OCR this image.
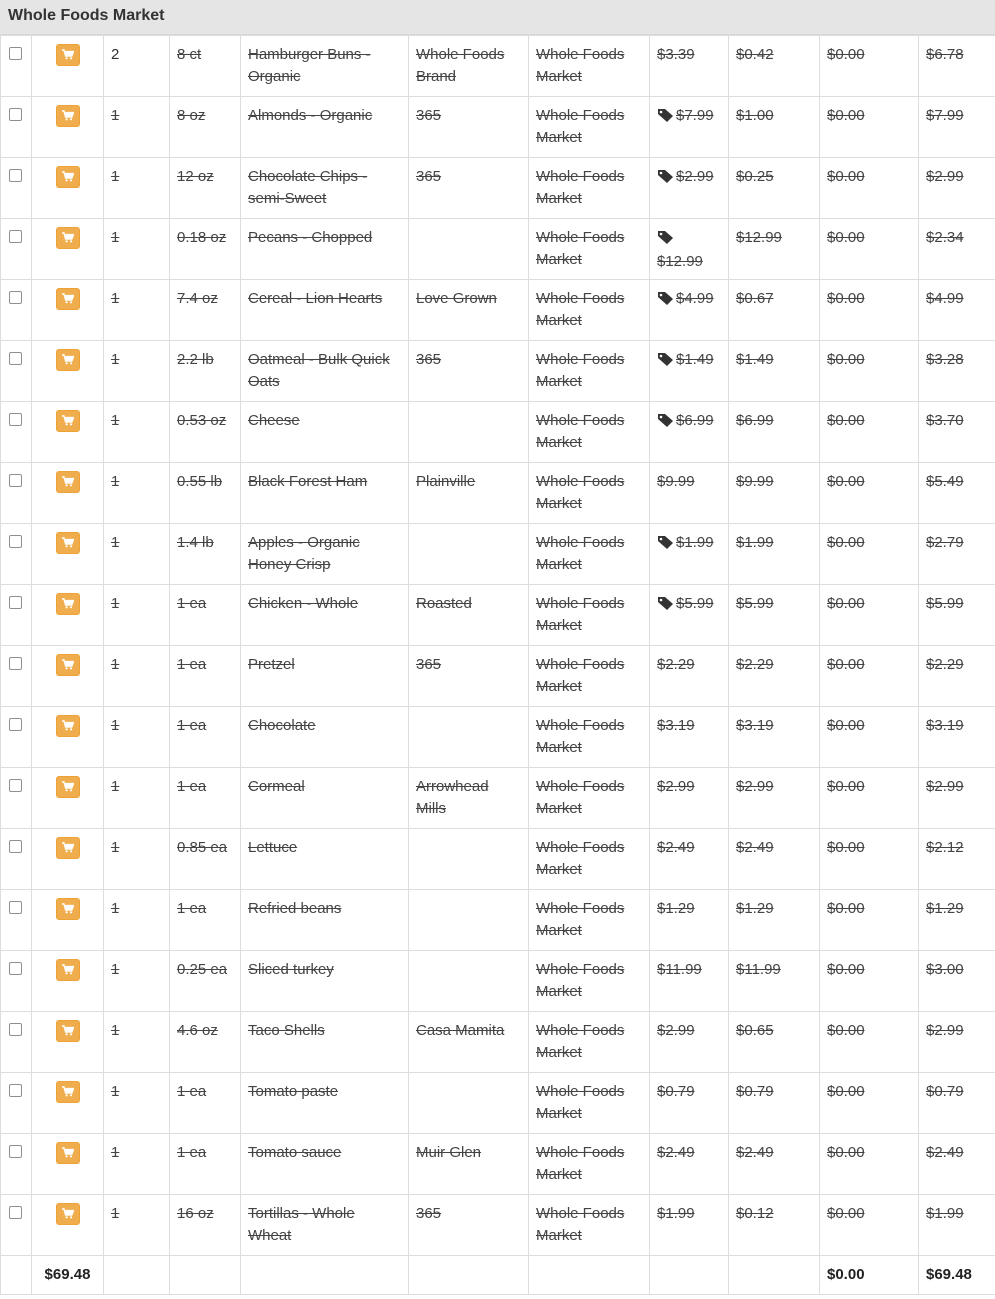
Whole Foods Market

	2	8 ct	Hamburger Buns - Organic	Whole Foods Brand	Whole Foods Market	$3.39	$0.42	$0.00	$6.78

	1	8 oz	Almonds - Organic	365	Whole Foods Market	$7.99	$1.00	$0.00	$7.99

	1	12 oz	Chocolate Chips - semi-Sweet	365	Whole Foods Market	$2.99	$0.25	$0.00	$2.99

	1	0.18 oz	Pecans - Chopped		Whole Foods Market	$12.99	$12.99	$0.00	$2.34

	1	7.4 oz	Cereal - Lion Hearts	Love Grown	Whole Foods Market	$4.99	$0.67	$0.00	$4.99

	1	2.2 lb	Oatmeal - Bulk Quick Oats	365	Whole Foods Market	$1.49	$1.49	$0.00	$3.28

	1	0.53 oz	Cheese		Whole Foods Market	$6.99	$6.99	$0.00	$3.70

	1	0.55 lb	Black Forest Ham	Plainville	Whole Foods Market	$9.99	$9.99	$0.00	$5.49

	1	1.4 lb	Apples - Organic Honey Crisp		Whole Foods Market	$1.99	$1.99	$0.00	$2.79

	1	1 ea	Chicken - Whole	Roasted	Whole Foods Market	$5.99	$5.99	$0.00	$5.99

	1	1 ea	Pretzel	365	Whole Foods Market	$2.29	$2.29	$0.00	$2.29

	1	1 ea	Chocolate		Whole Foods Market	$3.19	$3.19	$0.00	$3.19

	1	1 ea	Cormeal	Arrowhead Mills	Whole Foods Market	$2.99	$2.99	$0.00	$2.99

	1	0.85 ea	Lettuce		Whole Foods Market	$2.49	$2.49	$0.00	$2.12

	1	1 ea	Refried beans		Whole Foods Market	$1.29	$1.29	$0.00	$1.29

	1	0.25 ea	Sliced turkey		Whole Foods Market	$11.99	$11.99	$0.00	$3.00

	1	4.6 oz	Taco Shells	Casa Mamita	Whole Foods Market	$2.99	$0.65	$0.00	$2.99

	1	1 ea	Tomato paste		Whole Foods Market	$0.79	$0.79	$0.00	$0.79

	1	1 ea	Tomato sauce	Muir Glen	Whole Foods Market	$2.49	$2.49	$0.00	$2.49

	1	16 oz	Tortillas - Whole Wheat	365	Whole Foods Market	$1.99	$0.12	$0.00	$1.99
	$69.48								$0.00	$69.48
